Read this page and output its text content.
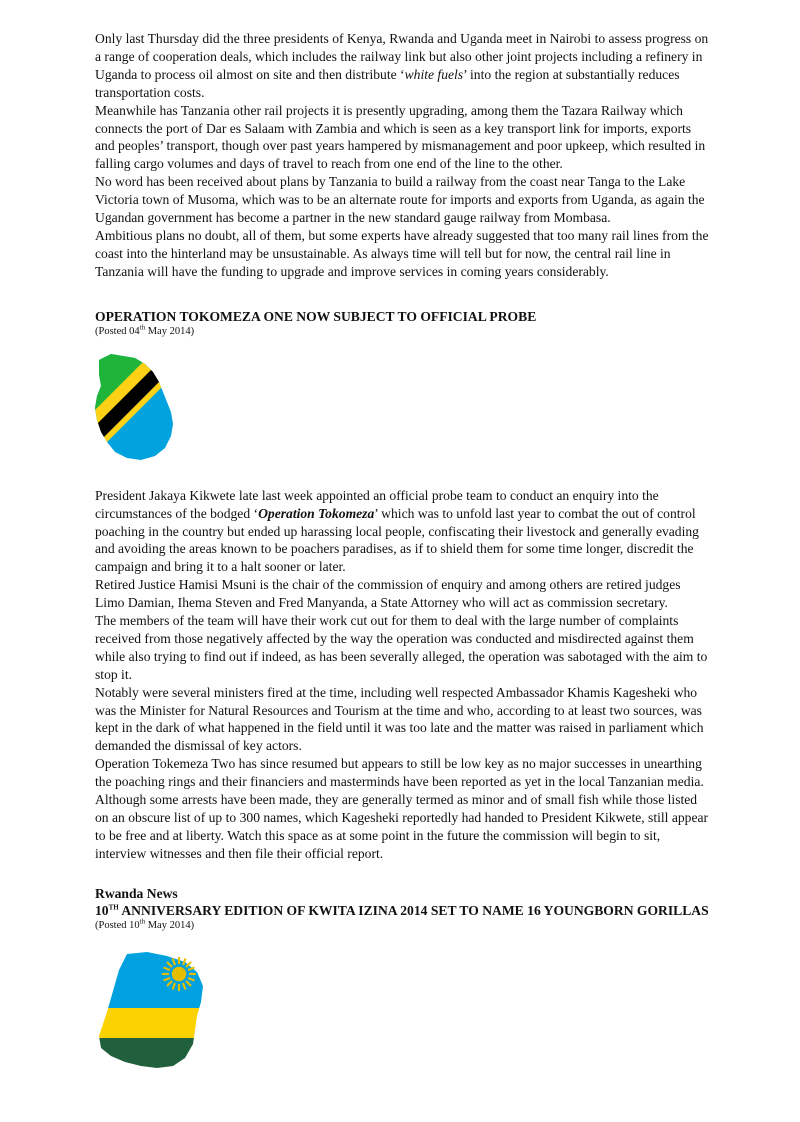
Only last Thursday did the three presidents of Kenya, Rwanda and Uganda meet in Nairobi to assess progress on a range of cooperation deals, which includes the railway link but also other joint projects including a refinery in Uganda to process oil almost on site and then distribute ‘white fuels’ into the region at substantially reduces transportation costs.

Meanwhile has Tanzania other rail projects it is presently upgrading, among them the Tazara Railway which connects the port of Dar es Salaam with Zambia and which is seen as a key transport link for imports, exports and peoples’ transport, though over past years hampered by mismanagement and poor upkeep, which resulted in falling cargo volumes and days of travel to reach from one end of the line to the other.

No word has been received about plans by Tanzania to build a railway from the coast near Tanga to the Lake Victoria town of Musoma, which was to be an alternate route for imports and exports from Uganda, as again the Ugandan government has become a partner in the new standard gauge railway from Mombasa.

Ambitious plans no doubt, all of them, but some experts have already suggested that too many rail lines from the coast into the hinterland may be unsustainable. As always time will tell but for now, the central rail line in Tanzania will have the funding to upgrade and improve services in coming years considerably.

OPERATION TOKOMEZA ONE NOW SUBJECT TO OFFICIAL PROBE

(Posted 04th May 2014)

President Jakaya Kikwete late last week appointed an official probe team to conduct an enquiry into the circumstances of the bodged ‘Operation Tokomeza’ which was to unfold last year to combat the out of control poaching in the country but ended up harassing local people, confiscating their livestock and generally evading and avoiding the areas known to be poachers paradises, as if to shield them for some time longer, discredit the campaign and bring it to a halt sooner or later.

Retired Justice Hamisi Msuni is the chair of the commission of enquiry and among others are retired judges Limo Damian, Ihema Steven and Fred Manyanda, a State Attorney who will act as commission secretary.

The members of the team will have their work cut out for them to deal with the large number of complaints received from those negatively affected by the way the operation was conducted and misdirected against them while also trying to find out if indeed, as has been severally alleged, the operation was sabotaged with the aim to stop it.

Notably were several ministers fired at the time, including well respected Ambassador Khamis Kagesheki who was the Minister for Natural Resources and Tourism at the time and who, according to at least two sources, was kept in the dark of what happened in the field until it was too late and the matter was raised in parliament which demanded the dismissal of key actors.

Operation Tokemeza Two has since resumed but appears to still be low key as no major successes in unearthing the poaching rings and their financiers and masterminds have been reported as yet in the local Tanzanian media.

Although some arrests have been made, they are generally termed as minor and of small fish while those listed on an obscure list of up to 300 names, which Kagesheki reportedly had handed to President Kikwete, still appear to be free and at liberty. Watch this space as at some point in the future the commission will begin to sit, interview witnesses and then file their official report.

Rwanda News

10TH ANNIVERSARY EDITION OF KWITA IZINA 2014 SET TO NAME 16 YOUNGBORN GORILLAS

(Posted 10th May 2014)
